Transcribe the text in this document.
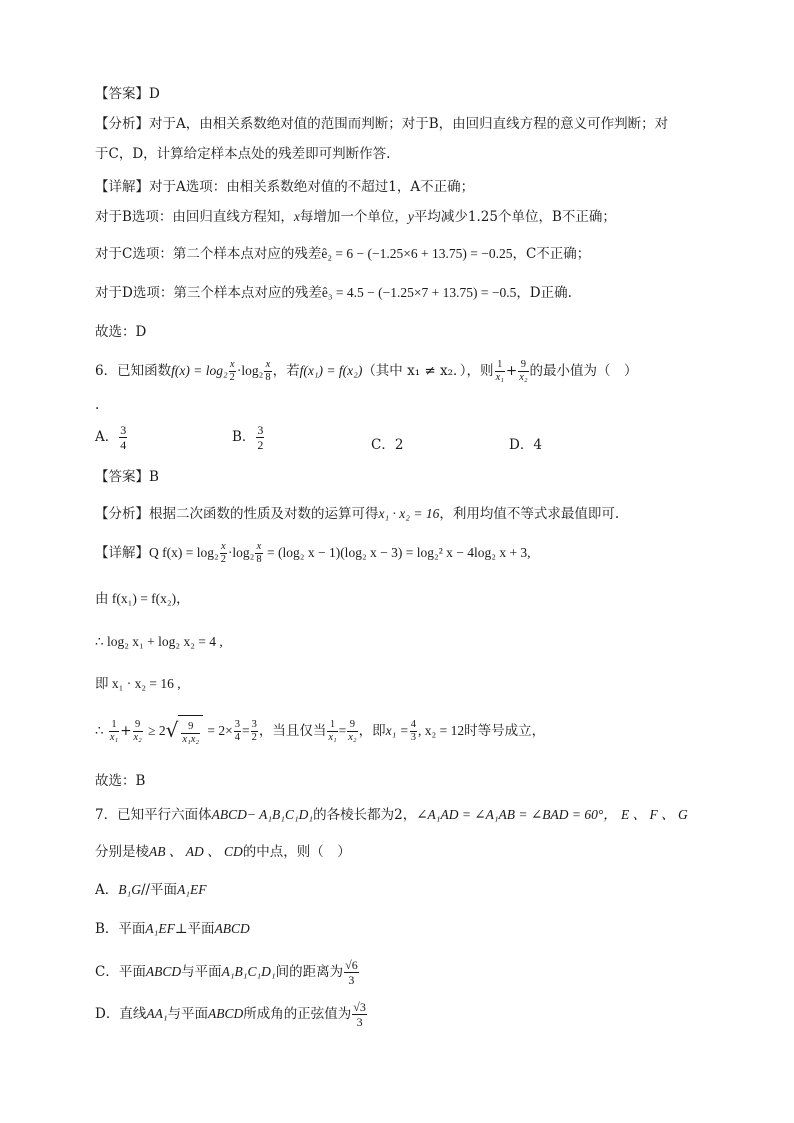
【答案】D
【分析】对于A，由相关系数绝对值的范围而判断；对于B，由回归直线方程的意义可作判断；对
于C，D，计算给定样本点处的残差即可判断作答.
【详解】对于A选项：由相关系数绝对值的不超过1，A不正确；
对于B选项：由回归直线方程知，x每增加一个单位，y平均减少1.25个单位，B不正确；
对于C选项：第二个样本点对应的残差ê₂ = 6 − (−1.25×6 + 13.75) = −0.25，C不正确；
对于D选项：第三个样本点对应的残差ê₃ = 4.5 − (−1.25×7 + 13.75) = −0.5，D正确.
故选：D
6．已知函数$f(x) = \log_2 \frac{x}{2} \cdot\log_2 \frac{x}{8}$ ，若f(x₁) = f(x₂)（其中 x₁ ≠ x₂．），则 $\frac{1}{\text{x₁}} + \frac{9}{\text{x₂}}$ 的最小值为（　）
.
A． $\frac{3}{4}$	B． $\frac{3}{2}$	C．2	D．4
【答案】B
【分析】根据二次函数的性质及对数的运算可得x₁ · x₂ = 16，利用均值不等式求最值即可.
【详解】Q $f(x) = \log_2 \frac{x}{2} \cdot\log_2 \frac{x}{8} = (\log_2$ x − 1)(log₂ x − 3) = log₂² x − 4log₂ x + 3,
由 f(x₁) = f(x₂)，
∴ log₂ x₁ + log₂ x₂ = 4 ,
即 x₁ · x₂ = 16 ,
∴ $\frac{1}{\text{x₁}} + \frac{9}{\text{x₂}} \ge 2√ \frac{9}{\text{x₁x₂}} = 2\times \frac{3}{4} = \frac{3}{2}$ ，当且仅当 $\frac{1}{\text{x₁}} = \frac{9}{\text{x₂}}$ ，即$x_1 = \frac{4}{3}$ , x₂ = 12时等号成立，
故选：B
7．已知平行六面体ABCD− A₁B₁C₁D₁的各棱长都为2，∠A₁AD = ∠A₁AB = ∠BAD = 60°， E 、 F 、 G
分别是棱AB 、 AD 、 CD的中点，则（　）
A．B₁G//平面A₁EF
B．平面A₁EF⊥平面ABCD
C．平面ABCD与平面A₁B₁C₁D₁间的距离为 $\frac{√6}{3}$
D．直线AA₁与平面ABCD所成角的正弦值为 $\frac{√3}{3}$
